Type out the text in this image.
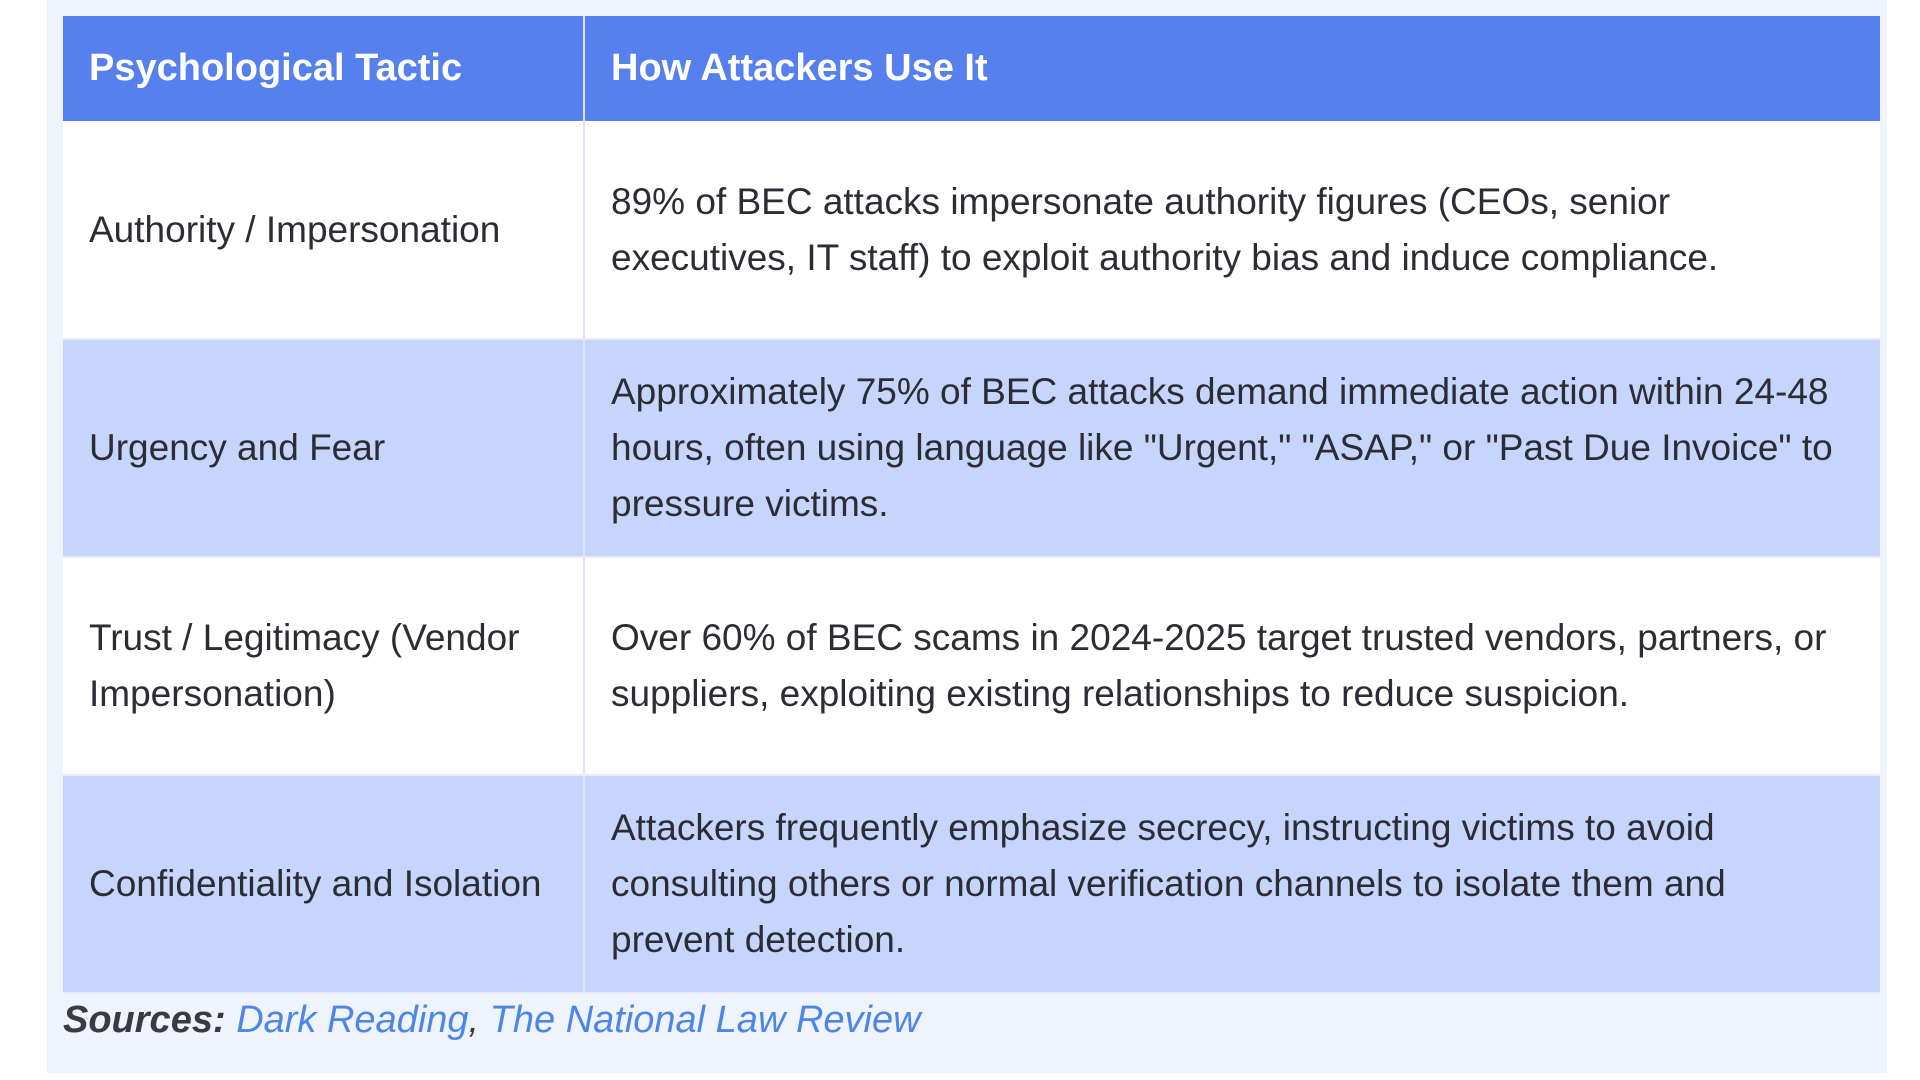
Psychological Tactic	How Attackers Use It
Authority / Impersonation	89% of BEC attacks impersonate authority figures (CEOs, senior executives, IT staff) to exploit authority bias and induce compliance.
Urgency and Fear	Approximately 75% of BEC attacks demand immediate action within 24-48 hours, often using language like "Urgent," "ASAP," or "Past Due Invoice" to pressure victims.
Trust / Legitimacy (Vendor Impersonation)	Over 60% of BEC scams in 2024-2025 target trusted vendors, partners, or suppliers, exploiting existing relationships to reduce suspicion.
Confidentiality and Isolation	Attackers frequently emphasize secrecy, instructing victims to avoid consulting others or normal verification channels to isolate them and prevent detection.
Sources: Dark Reading, The National Law Review
